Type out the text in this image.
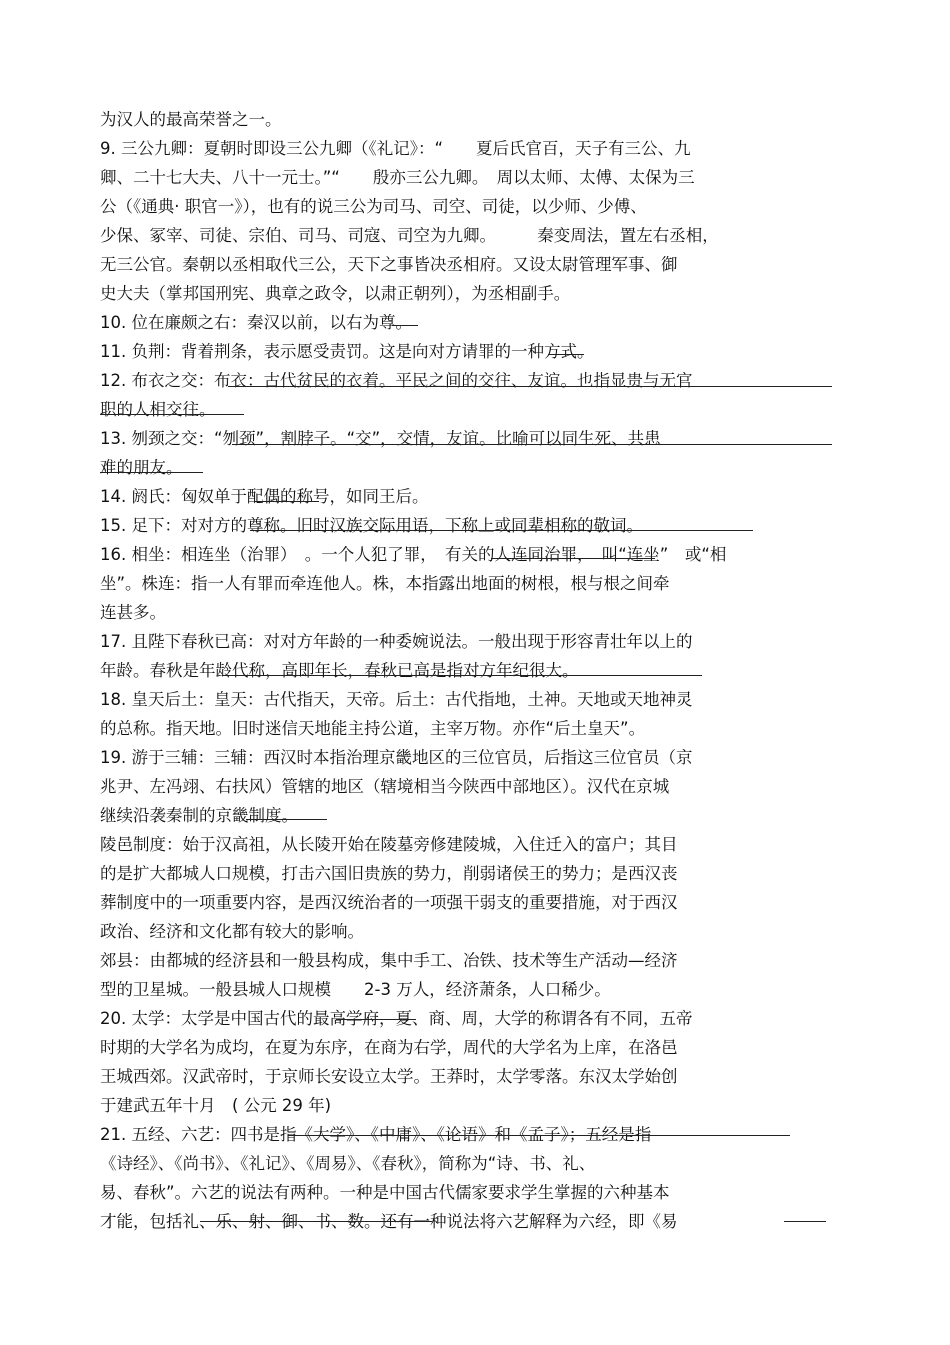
为汉人的最高荣誉之一。
9. 三公九卿：夏朝时即设三公九卿（《礼记》：“　　夏后氏官百，天子有三公、九
卿、二十七大夫、八十一元士。”“　　殷亦三公九卿。　周以太师、太傅、太保为三
公（《通典· 职官一》），也有的说三公为司马、司空、司徒，以少师、少傅、
少保、冢宰、司徒、宗伯、司马、司寇、司空为九卿。　　　秦变周法，置左右丞相，
无三公官。秦朝以丞相取代三公，天下之事皆决丞相府。又设太尉管理军事、御
史大夫（掌邦国刑宪、典章之政令，以肃正朝列），为丞相副手。
10. 位在廉颇之右：秦汉以前，以右为尊。
11. 负荆：背着荆条，表示愿受责罚。这是向对方请罪的一种方式。
12. 布衣之交：布衣：古代贫民的衣着。平民之间的交往、友谊。也指显贵与无官
职的人相交往。
13. 刎颈之交：“刎颈”，割脖子。“交”，交情，友谊。比喻可以同生死、共患
难的朋友。
14. 阏氏：匈奴单于配偶的称号，如同王后。
15. 足下：对对方的尊称。旧时汉族交际用语，下称上或同辈相称的敬词。
16. 相坐：相连坐（治罪）　。一个人犯了罪，　有关的人连同治罪，　叫“连坐”　或“相
坐”。株连：指一人有罪而牵连他人。株，本指露出地面的树根，根与根之间牵
连甚多。
17. 且陛下春秋已高：对对方年龄的一种委婉说法。一般出现于形容青壮年以上的
年龄。春秋是年龄代称，高即年长，春秋已高是指对方年纪很大。
18. 皇天后土：皇天：古代指天，天帝。后土：古代指地，土神。天地或天地神灵
的总称。指天地。旧时迷信天地能主持公道，主宰万物。亦作“后土皇天”。
19. 游于三辅：三辅：西汉时本指治理京畿地区的三位官员，后指这三位官员（京
兆尹、左冯翊、右扶风）管辖的地区（辖境相当今陕西中部地区）。汉代在京城
继续沿袭秦制的京畿制度。
陵邑制度：始于汉高祖，从长陵开始在陵墓旁修建陵城，入住迁入的富户；其目
的是扩大都城人口规模，打击六国旧贵族的势力，削弱诸侯王的势力；是西汉丧
葬制度中的一项重要内容，是西汉统治者的一项强干弱支的重要措施，对于西汉
政治、经济和文化都有较大的影响。
郊县：由都城的经济县和一般县构成，集中手工、冶铁、技术等生产活动—经济
型的卫星城。一般县城人口规模　　2-3 万人，经济萧条，人口稀少。
20. 太学：太学是中国古代的最高学府，夏、商、周，大学的称谓各有不同，五帝
时期的大学名为成均，在夏为东序，在商为右学，周代的大学名为上庠，在洛邑
王城西郊。汉武帝时，于京师长安设立太学。王莽时，太学零落。东汉太学始创
于建武五年十月　( 公元 29 年)
21. 五经、六艺：四书是指《大学》、《中庸》、《论语》和《孟子》；五经是指
《诗经》、《尚书》、《礼记》、《周易》、《春秋》，简称为“诗、书、礼、
易、春秋”。六艺的说法有两种。一种是中国古代儒家要求学生掌握的六种基本
才能，包括礼、乐、射、御、书、数。还有一种说法将六艺解释为六经，即《易
